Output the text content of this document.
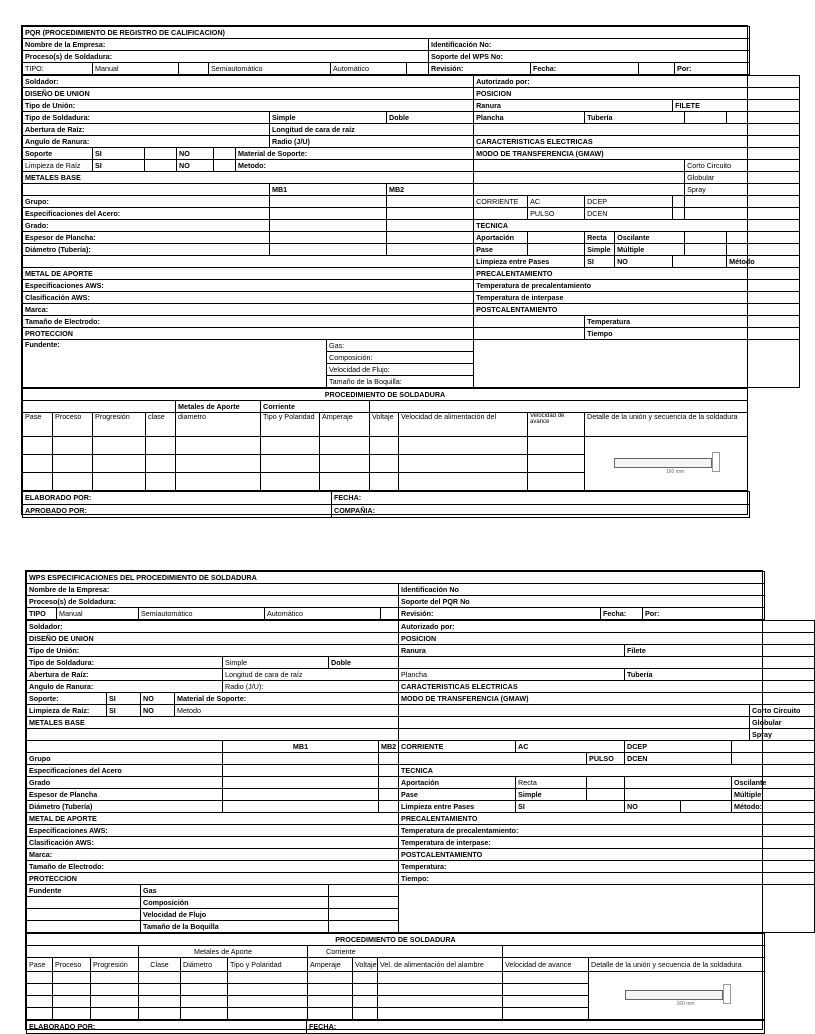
PQR (PROCEDIMIENTO DE REGISTRO DE CALIFICACION)									
Nombre de la Empresa:						Identificación No:			
Proceso(s) de Soldadura:						Soporte del WPS No:			
TIPO:	Manual		Semiautomático	Automático		Revisión:	Fecha:		Por:
Soldador:									Autorizado por:						
DISEÑO DE UNION									POSICION						
Tipo de Unión:									Ranura				FILETE		
Tipo de Soldadura:						Simple		Doble	Plancha		Tubería				
Abertura de Raíz:						Longitud de cara de raíz									
Angulo de Ranura:						Radio (J/U)			CARACTERISTICAS ELECTRICAS						
Soporte	SI		NO		Material de Soporte:				MODO DE TRANSFERENCIA (GMAW)						
Limpieza de Raíz	SI		NO		Metodo:									Corto Circuito	
METALES BASE														Globular	
						MB1		MB2						Spray	
Grupo:									CORRIENTE	AC	DCEP				
Especificaciones del Acero:										PULSO	DCEN				
Grado:									TECNICA						
Espesor de Plancha:									Aportación		Recta	Oscilante			
Diámetro (Tubería):									Pase		Simple	Múltiple			
									Limpieza entre Pases		SI	NO			Método
METAL DE APORTE									PRECALENTAMIENTO						
Especificaciones AWS:									Temperatura de precalentamiento						
Clasificación AWS:									Temperatura de interpase						
Marca:									POSTCALENTAMIENTO						
Tamaño de Electrodo:											Temperatura				
PROTECCION											Tiempo				
Fundente:							Gas:								
							Composición:								
							Velocidad de Flujo:								
							Tamaño de la Boquilla:								
PROCEDIMIENTO DE SOLDADURA										
				Metales de Aporte	Corriente					
Pase	Proceso	Progresión	clase	diametro	Tipo y Polaridad	Amperaje	Voltaje	Velocidad de alimentación del	Velocidad de avance	Detalle de la unión y secuencia de la soldadura

										160 mm

ELABORADO POR:	FECHA:
APROBADO POR:	COMPAÑIA:
WPS ESPECIFICACIONES DEL PROCEDIMIENTO DE SOLDADURA							
Nombre de la Empresa:					Identificación No		
Proceso(s) de Soldadura:					Soporte del PQR No		
TIPO	Manual	Semiautomático	Automático		Revisión:	Fecha:	Por:
Soldador:							Autorizado por:						
DISEÑO DE UNION							POSICION						
Tipo de Unión:							Ranura			Filete			
Tipo de Soldadura:				Simple	Doble								
Abertura de Raíz:				Longitud de cara de raíz			Plancha			Tubería			
Angulo de Ranura:				Radio (J/U):			CARACTERISTICAS ELECTRICAS						
Soporte:	SI	NO	Material de Soporte:				MODO DE TRANSFERENCIA (GMAW)						
Limpieza de Raíz:	SI	NO	Metodo										Corto Circuito
METALES BASE													Globular
													Spray
				MB1		MB2	CORRIENTE	AC		DCEP			
Grupo									PULSO	DCEN			
Especificaciones del Acero							TECNICA						
Grado							Aportación	Recta				Oscilante	
Espesor de Plancha							Pase	Simple				Múltiple	
Diámetro (Tubería)							Limpieza entre Pases	SI		NO		Método:	
METAL DE APORTE							PRECALENTAMIENTO						
Especificaciones AWS:							Temperatura de precalentamiento:						
Clasificación AWS:							Temperatura de interpase:						
Marca:							POSTCALENTAMIENTO						
Tamaño de Electrodo:							Temperatura:						
PROTECCION							Tiempo:						
Fundente		Gas											
		Composición											
		Velocidad de Flujo											
		Tamaño de la Boquilla											
PROCEDIMIENTO DE SOLDADURA										
			Metales de Aporte			Corriente				
Pase	Proceso	Progresión	Clase	Diámetro	Tipo y Polaridad	Amperaje	Voltaje	Vel. de alimentación del alambre	Velocidad de avance	Detalle de la unión y secuencia de la soldadura

										160 mm

ELABORADO POR:	FECHA:
